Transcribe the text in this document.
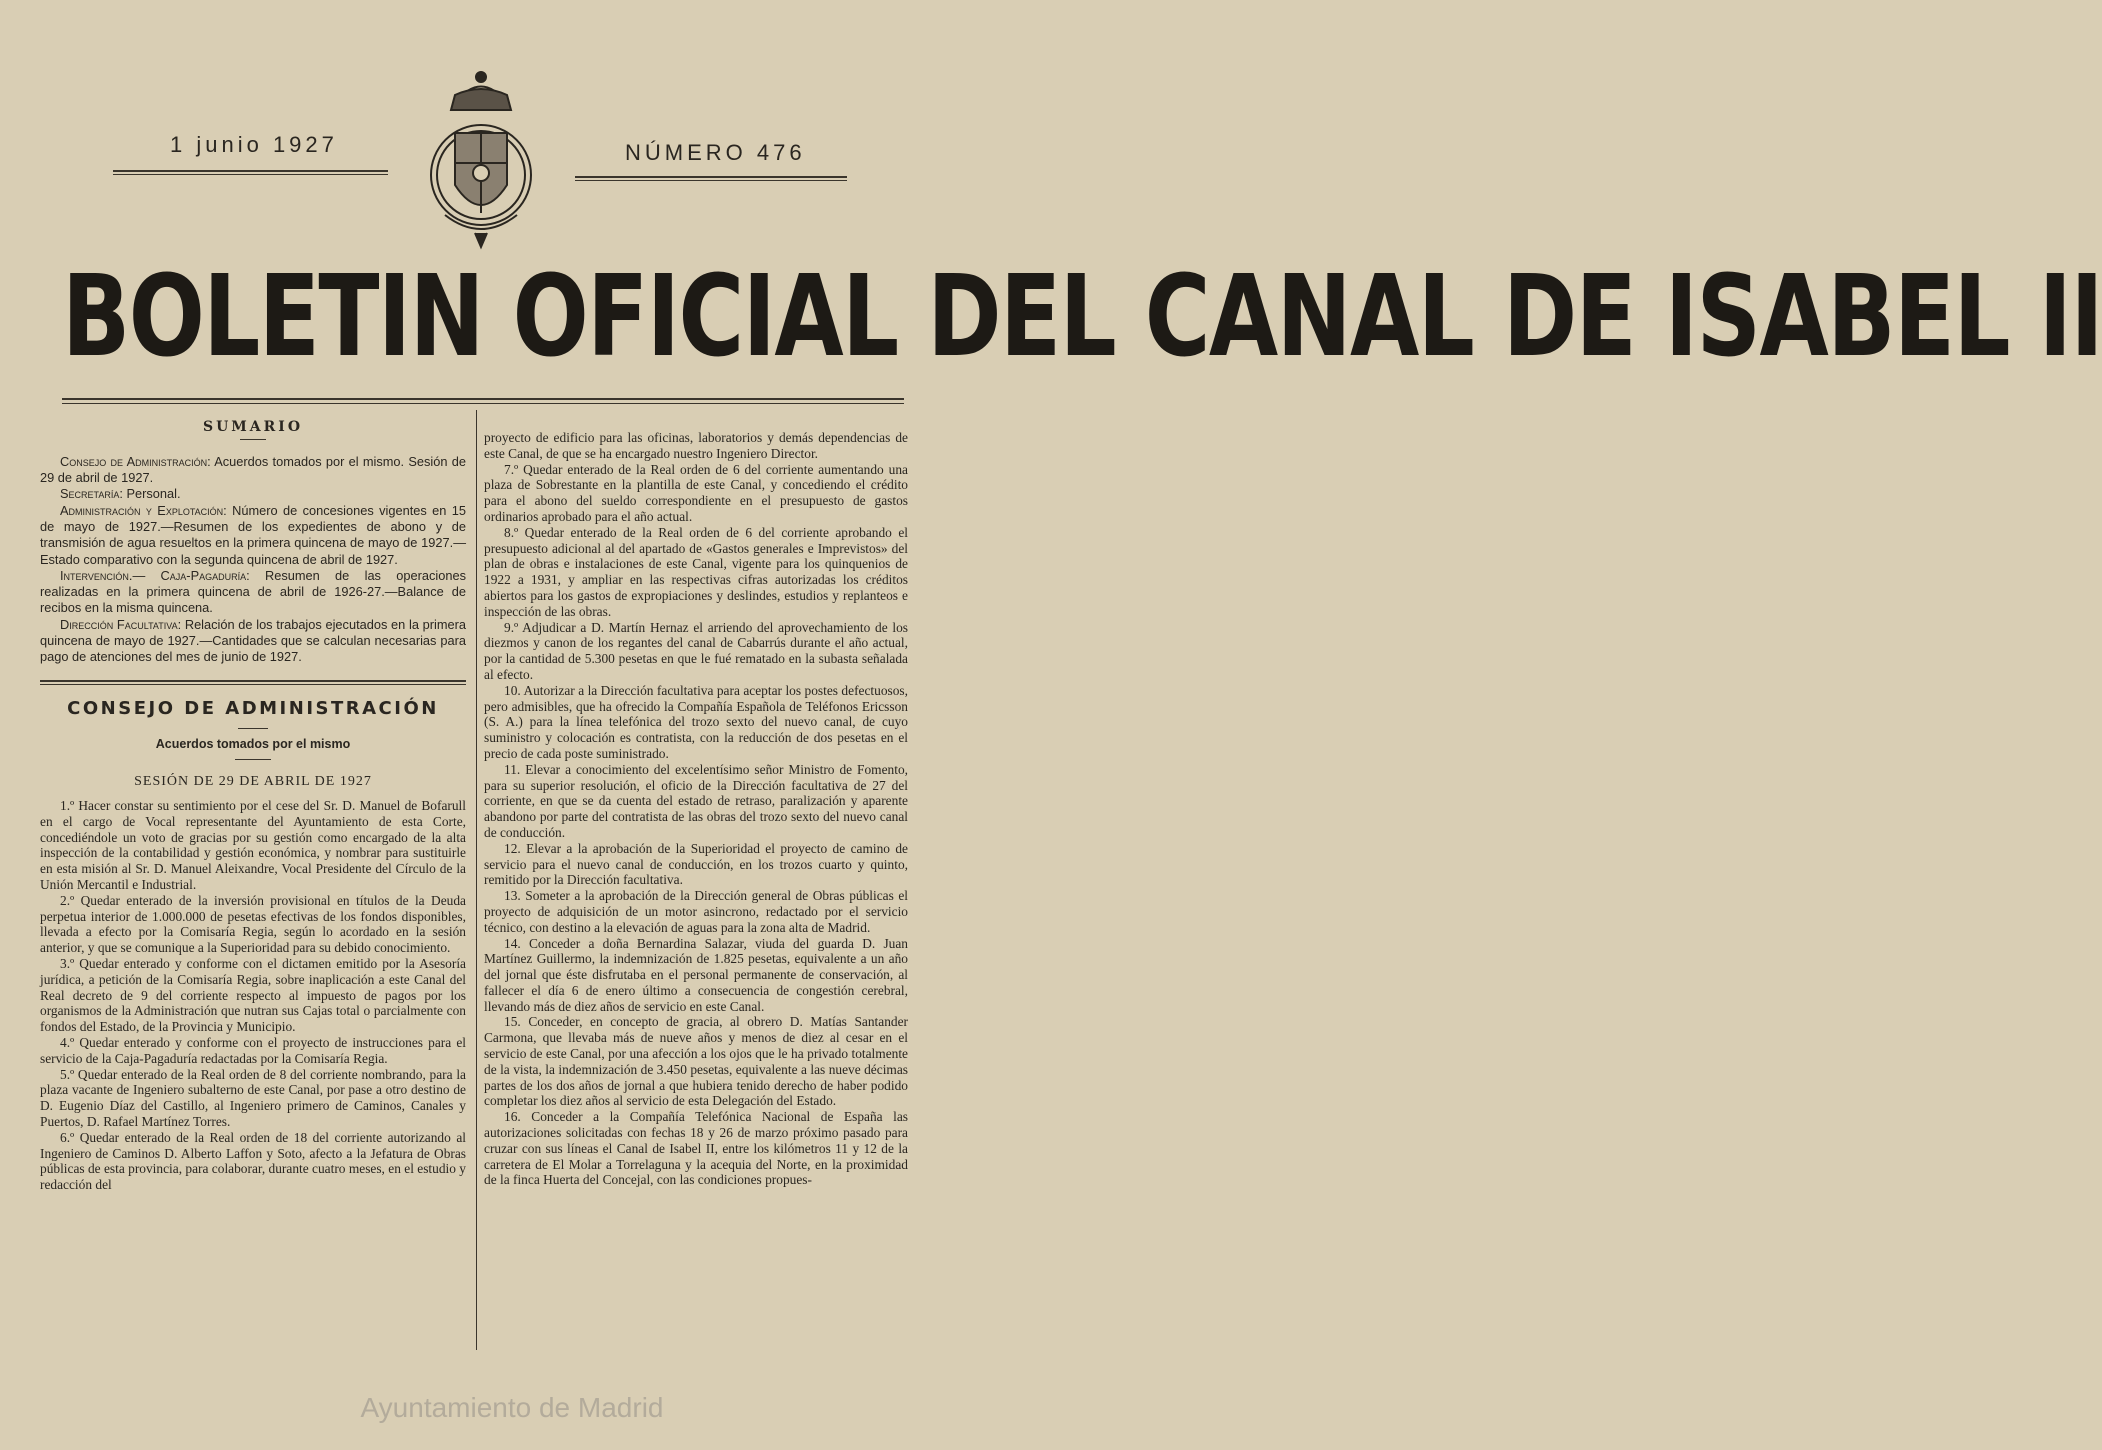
1 junio 1927	NÚMERO 476
BOLETIN OFICIAL DEL CANAL DE ISABEL II
SUMARIO

Consejo de Administración: Acuerdos tomados por el mismo. Sesión de 29 de abril de 1927.

Secretaría: Personal.

Administración y Explotación: Número de concesiones vigentes en 15 de mayo de 1927.—Resumen de los expedientes de abono y de transmisión de agua resueltos en la primera quincena de mayo de 1927.—Estado comparativo con la segunda quincena de abril de 1927.

Intervención.— Caja-Pagaduría: Resumen de las operaciones realizadas en la primera quincena de abril de 1926-27.—Balance de recibos en la misma quincena.

Dirección Facultativa: Relación de los trabajos ejecutados en la primera quincena de mayo de 1927.—Cantidades que se calculan necesarias para pago de atenciones del mes de junio de 1927.

CONSEJO DE ADMINISTRACIÓN
Acuerdos tomados por el mismo
SESIÓN DE 29 DE ABRIL DE 1927

1.º Hacer constar su sentimiento por el cese del Sr. D. Manuel de Bofarull en el cargo de Vocal representante del Ayuntamiento de esta Corte, concediéndole un voto de gracias por su gestión como encargado de la alta inspección de la contabilidad y gestión económica, y nombrar para sustituirle en esta misión al Sr. D. Manuel Aleixandre, Vocal Presidente del Círculo de la Unión Mercantil e Industrial.

2.º Quedar enterado de la inversión provisional en títulos de la Deuda perpetua interior de 1.000.000 de pesetas efectivas de los fondos disponibles, llevada a efecto por la Comisaría Regia, según lo acordado en la sesión anterior, y que se comunique a la Superioridad para su debido conocimiento.

3.º Quedar enterado y conforme con el dictamen emitido por la Asesoría jurídica, a petición de la Comisaría Regia, sobre inaplicación a este Canal del Real decreto de 9 del corriente respecto al impuesto de pagos por los organismos de la Administración que nutran sus Cajas total o parcialmente con fondos del Estado, de la Provincia y Municipio.

4.º Quedar enterado y conforme con el proyecto de instrucciones para el servicio de la Caja-Pagaduría redactadas por la Comisaría Regia.

5.º Quedar enterado de la Real orden de 8 del corriente nombrando, para la plaza vacante de Ingeniero subalterno de este Canal, por pase a otro destino de D. Eugenio Díaz del Castillo, al Ingeniero primero de Caminos, Canales y Puertos, D. Rafael Martínez Torres.

6.º Quedar enterado de la Real orden de 18 del corriente autorizando al Ingeniero de Caminos D. Alberto Laffon y Soto, afecto a la Jefatura de Obras públicas de esta provincia, para colaborar, durante cuatro meses, en el estudio y redacción del

proyecto de edificio para las oficinas, laboratorios y demás dependencias de este Canal, de que se ha encargado nuestro Ingeniero Director.

7.º Quedar enterado de la Real orden de 6 del corriente aumentando una plaza de Sobrestante en la plantilla de este Canal, y concediendo el crédito para el abono del sueldo correspondiente en el presupuesto de gastos ordinarios aprobado para el año actual.

8.º Quedar enterado de la Real orden de 6 del corriente aprobando el presupuesto adicional al del apartado de «Gastos generales e Imprevistos» del plan de obras e instalaciones de este Canal, vigente para los quinquenios de 1922 a 1931, y ampliar en las respectivas cifras autorizadas los créditos abiertos para los gastos de expropiaciones y deslindes, estudios y replanteos e inspección de las obras.

9.º Adjudicar a D. Martín Hernaz el arriendo del aprovechamiento de los diezmos y canon de los regantes del canal de Cabarrús durante el año actual, por la cantidad de 5.300 pesetas en que le fué rematado en la subasta señalada al efecto.

10. Autorizar a la Dirección facultativa para aceptar los postes defectuosos, pero admisibles, que ha ofrecido la Compañía Española de Teléfonos Ericsson (S. A.) para la línea telefónica del trozo sexto del nuevo canal, de cuyo suministro y colocación es contratista, con la reducción de dos pesetas en el precio de cada poste suministrado.

11. Elevar a conocimiento del excelentísimo señor Ministro de Fomento, para su superior resolución, el oficio de la Dirección facultativa de 27 del corriente, en que se da cuenta del estado de retraso, paralización y aparente abandono por parte del contratista de las obras del trozo sexto del nuevo canal de conducción.

12. Elevar a la aprobación de la Superioridad el proyecto de camino de servicio para el nuevo canal de conducción, en los trozos cuarto y quinto, remitido por la Dirección facultativa.

13. Someter a la aprobación de la Dirección general de Obras públicas el proyecto de adquisición de un motor asincrono, redactado por el servicio técnico, con destino a la elevación de aguas para la zona alta de Madrid.

14. Conceder a doña Bernardina Salazar, viuda del guarda D. Juan Martínez Guillermo, la indemnización de 1.825 pesetas, equivalente a un año del jornal que éste disfrutaba en el personal permanente de conservación, al fallecer el día 6 de enero último a consecuencia de congestión cerebral, llevando más de diez años de servicio en este Canal.

15. Conceder, en concepto de gracia, al obrero D. Matías Santander Carmona, que llevaba más de nueve años y menos de diez al cesar en el servicio de este Canal, por una afección a los ojos que le ha privado totalmente de la vista, la indemnización de 3.450 pesetas, equivalente a las nueve décimas partes de los dos años de jornal a que hubiera tenido derecho de haber podido completar los diez años al servicio de esta Delegación del Estado.

16. Conceder a la Compañía Telefónica Nacional de España las autorizaciones solicitadas con fechas 18 y 26 de marzo próximo pasado para cruzar con sus líneas el Canal de Isabel II, entre los kilómetros 11 y 12 de la carretera de El Molar a Torrelaguna y la acequia del Norte, en la proximidad de la finca Huerta del Concejal, con las condiciones propues-

Ayuntamiento de Madrid
